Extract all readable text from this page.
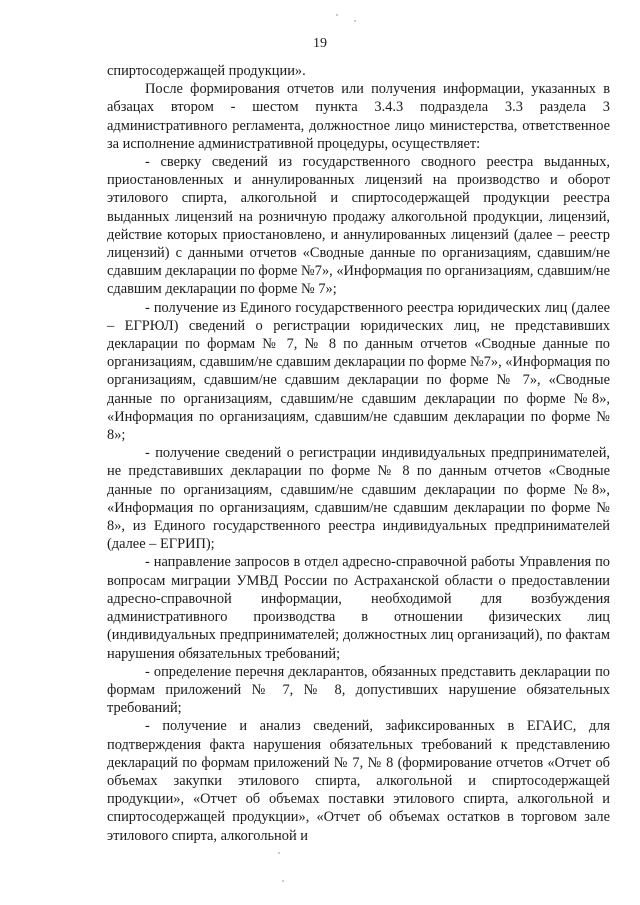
19

спиртосодержащей продукции».

После формирования отчетов или получения информации, указанных в абзацах втором - шестом пункта 3.4.3 подраздела 3.3 раздела 3 административного регламента, должностное лицо министерства, ответственное за исполнение административной процедуры, осуществляет:

- сверку сведений из государственного сводного реестра выданных, приостановленных и аннулированных лицензий на производство и оборот этилового спирта, алкогольной и спиртосодержащей продукции реестра выданных лицензий на розничную продажу алкогольной продукции, лицензий, действие которых приостановлено, и аннулированных лицензий (далее – реестр лицензий) с данными отчетов «Сводные данные по организациям, сдавшим/не сдавшим декларации по форме №7», «Информация по организациям, сдавшим/не сдавшим декларации по форме № 7»;

- получение из Единого государственного реестра юридических лиц (далее – ЕГРЮЛ) сведений о регистрации юридических лиц, не представивших декларации по формам № 7, № 8 по данным отчетов «Сводные данные по организациям, сдавшим/не сдавшим декларации по форме №7», «Информация по организациям, сдавшим/не сдавшим декларации по форме № 7», «Сводные данные по организациям, сдавшим/не сдавшим декларации по форме №8», «Информация по организациям, сдавшим/не сдавшим декларации по форме № 8»;

- получение сведений о регистрации индивидуальных предпринимателей, не представивших декларации по форме № 8 по данным отчетов «Сводные данные по организациям, сдавшим/не сдавшим декларации по форме №8», «Информация по организациям, сдавшим/не сдавшим декларации по форме № 8», из Единого государственного реестра индивидуальных предпринимателей (далее – ЕГРИП);

- направление запросов в отдел адресно-справочной работы Управления по вопросам миграции УМВД России по Астраханской области о предоставлении адресно-справочной информации, необходимой для возбуждения административного производства в отношении физических лиц (индивидуальных предпринимателей; должностных лиц организаций), по фактам нарушения обязательных требований;

- определение перечня декларантов, обязанных представить декларации по формам приложений № 7, № 8, допустивших нарушение обязательных требований;

- получение и анализ сведений, зафиксированных в ЕГАИС, для подтверждения факта нарушения обязательных требований к представлению деклараций по формам приложений № 7, № 8 (формирование отчетов «Отчет об объемах закупки этилового спирта, алкогольной и спиртосодержащей продукции», «Отчет об объемах поставки этилового спирта, алкогольной и спиртосодержащей продукции», «Отчет об объемах остатков в торговом зале этилового спирта, алкогольной и
